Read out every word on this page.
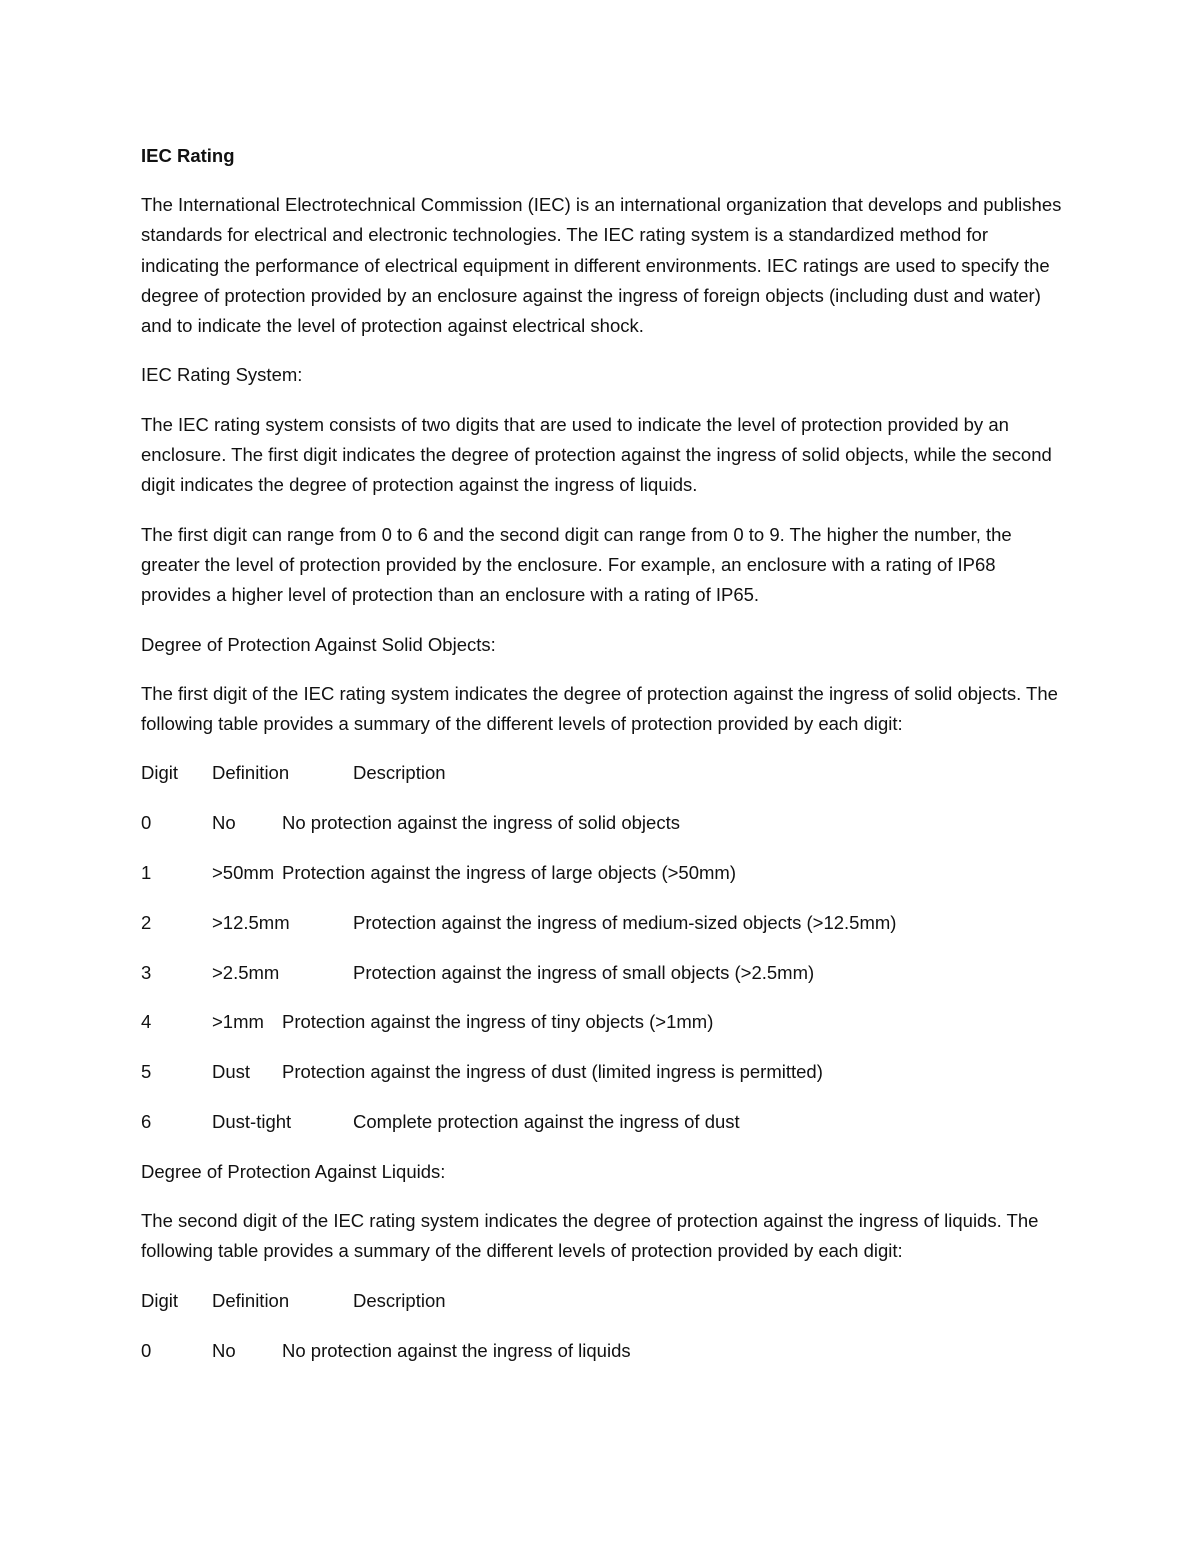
IEC Rating

The International Electrotechnical Commission (IEC) is an international organization that develops and publishes standards for electrical and electronic technologies. The IEC rating system is a standardized method for indicating the performance of electrical equipment in different environments. IEC ratings are used to specify the degree of protection provided by an enclosure against the ingress of foreign objects (including dust and water) and to indicate the level of protection against electrical shock.

IEC Rating System:

The IEC rating system consists of two digits that are used to indicate the level of protection provided by an enclosure. The first digit indicates the degree of protection against the ingress of solid objects, while the second digit indicates the degree of protection against the ingress of liquids.

The first digit can range from 0 to 6 and the second digit can range from 0 to 9. The higher the number, the greater the level of protection provided by the enclosure. For example, an enclosure with a rating of IP68 provides a higher level of protection than an enclosure with a rating of IP65.

Degree of Protection Against Solid Objects:

The first digit of the IEC rating system indicates the degree of protection against the ingress of solid objects. The following table provides a summary of the different levels of protection provided by each digit:

Digit Definition	Description
0	No	No protection against the ingress of solid objects
1	>50mm Protection against the ingress of large objects (>50mm)
2	>12.5mm	Protection against the ingress of medium-sized objects (>12.5mm)
3	>2.5mm	Protection against the ingress of small objects (>2.5mm)
4	>1mm Protection against the ingress of tiny objects (>1mm)
5	Dust Protection against the ingress of dust (limited ingress is permitted)
6	Dust-tight	Complete protection against the ingress of dust

Degree of Protection Against Liquids:

The second digit of the IEC rating system indicates the degree of protection against the ingress of liquids. The following table provides a summary of the different levels of protection provided by each digit:

Digit Definition	Description
0	No	No protection against the ingress of liquids
